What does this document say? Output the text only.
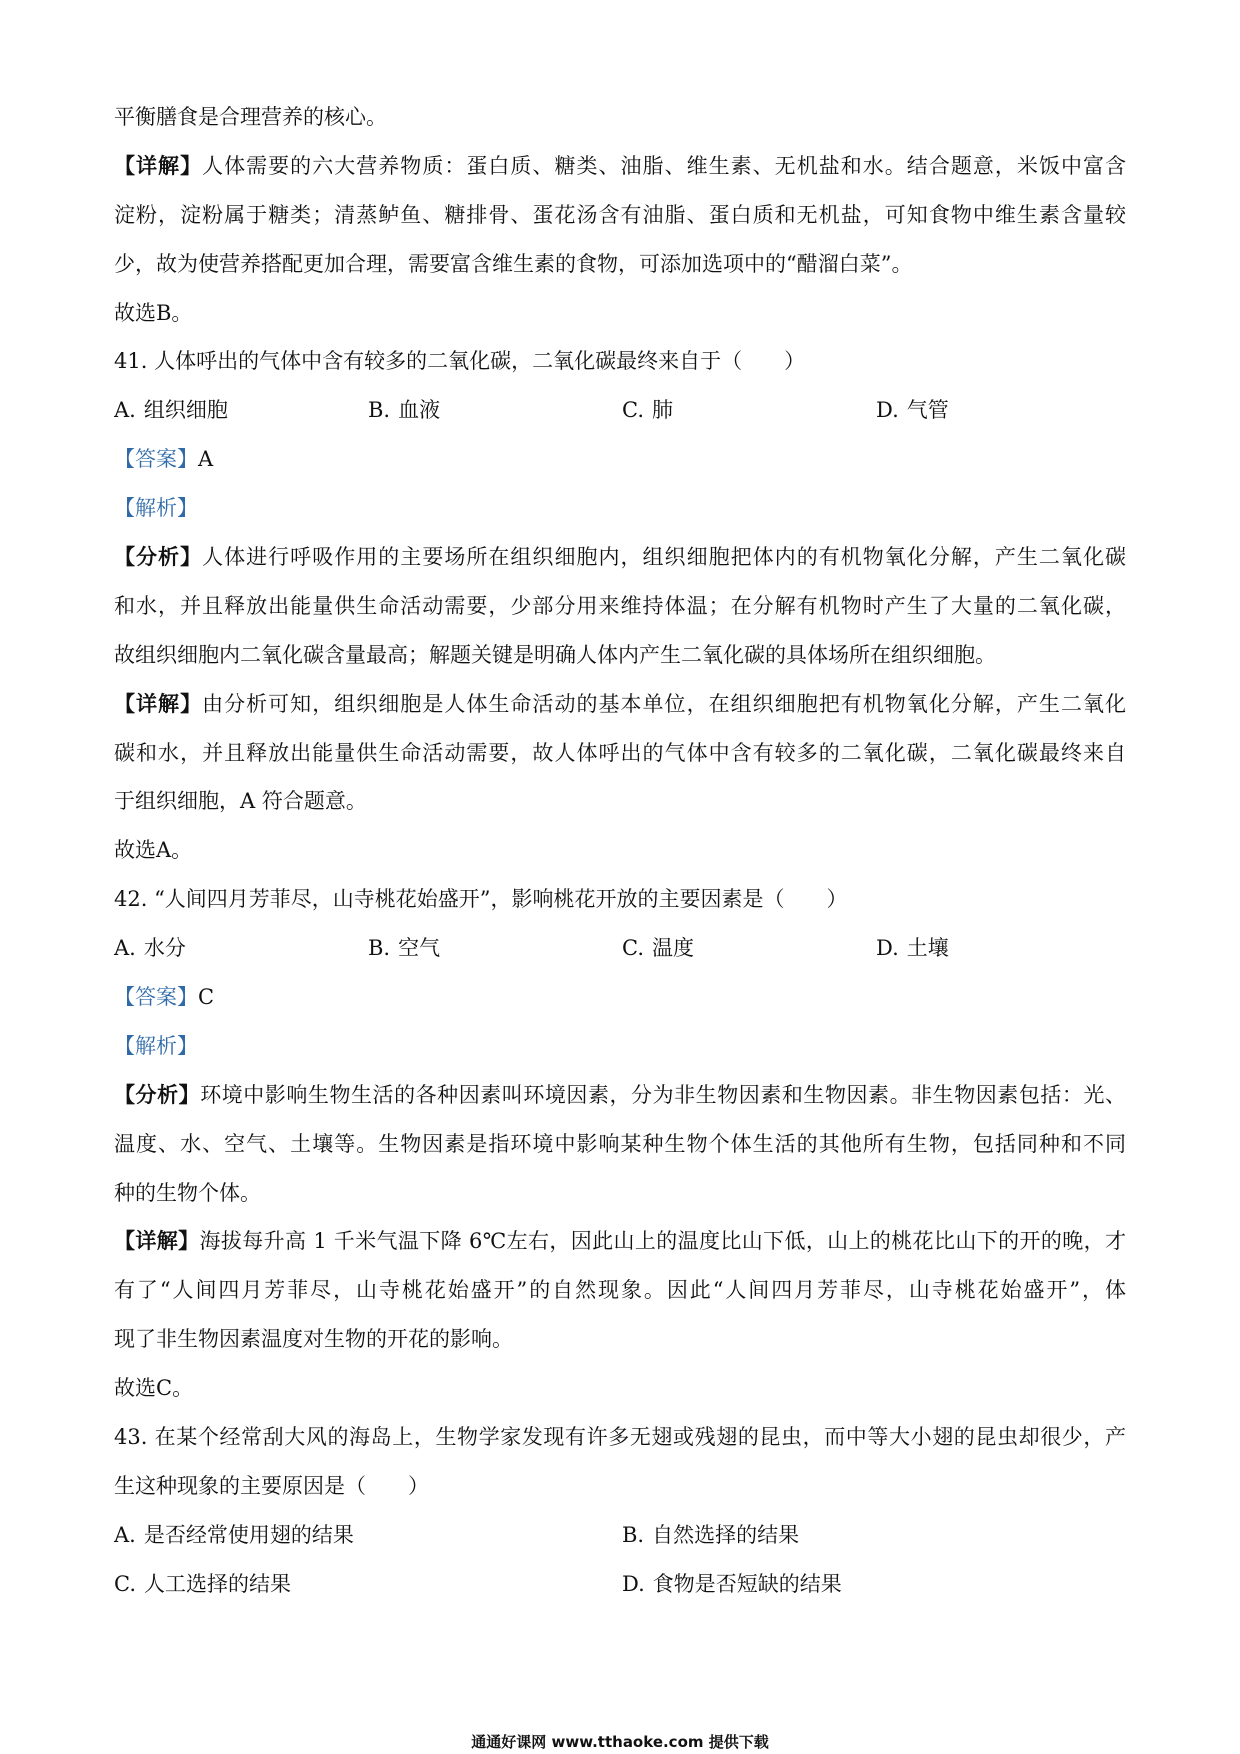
平衡膳食是合理营养的核心。
【详解】人体需要的六大营养物质：蛋白质、糖类、油脂、维生素、无机盐和水。结合题意，米饭中富含
淀粉，淀粉属于糖类；清蒸鲈鱼、糖排骨、蛋花汤含有油脂、蛋白质和无机盐，可知食物中维生素含量较
少，故为使营养搭配更加合理，需要富含维生素的食物，可添加选项中的“醋溜白菜”。
故选B。
41. 人体呼出的气体中含有较多的二氧化碳，二氧化碳最终来自于（　　）
A. 组织细胞	B. 血液	C. 肺	D. 气管
【答案】A
【解析】
【分析】人体进行呼吸作用的主要场所在组织细胞内，组织细胞把体内的有机物氧化分解，产生二氧化碳
和水，并且释放出能量供生命活动需要，少部分用来维持体温；在分解有机物时产生了大量的二氧化碳，
故组织细胞内二氧化碳含量最高；解题关键是明确人体内产生二氧化碳的具体场所在组织细胞。
【详解】由分析可知，组织细胞是人体生命活动的基本单位，在组织细胞把有机物氧化分解，产生二氧化
碳和水，并且释放出能量供生命活动需要，故人体呼出的气体中含有较多的二氧化碳，二氧化碳最终来自
于组织细胞，A 符合题意。
故选A。
42. “人间四月芳菲尽，山寺桃花始盛开”，影响桃花开放的主要因素是（　　）
A. 水分	B. 空气	C. 温度	D. 土壤
【答案】C
【解析】
【分析】环境中影响生物生活的各种因素叫环境因素，分为非生物因素和生物因素。非生物因素包括：光、
温度、水、空气、土壤等。生物因素是指环境中影响某种生物个体生活的其他所有生物，包括同种和不同
种的生物个体。
【详解】海拔每升高 1 千米气温下降 6℃左右，因此山上的温度比山下低，山上的桃花比山下的开的晚，才
有了“人间四月芳菲尽，山寺桃花始盛开”的自然现象。因此“人间四月芳菲尽，山寺桃花始盛开”，体
现了非生物因素温度对生物的开花的影响。
故选C。
43. 在某个经常刮大风的海岛上，生物学家发现有许多无翅或残翅的昆虫，而中等大小翅的昆虫却很少，产
生这种现象的主要原因是（　　）
A. 是否经常使用翅的结果	B. 自然选择的结果
C. 人工选择的结果	D. 食物是否短缺的结果
通通好课网 www.tthaoke.com 提供下载
